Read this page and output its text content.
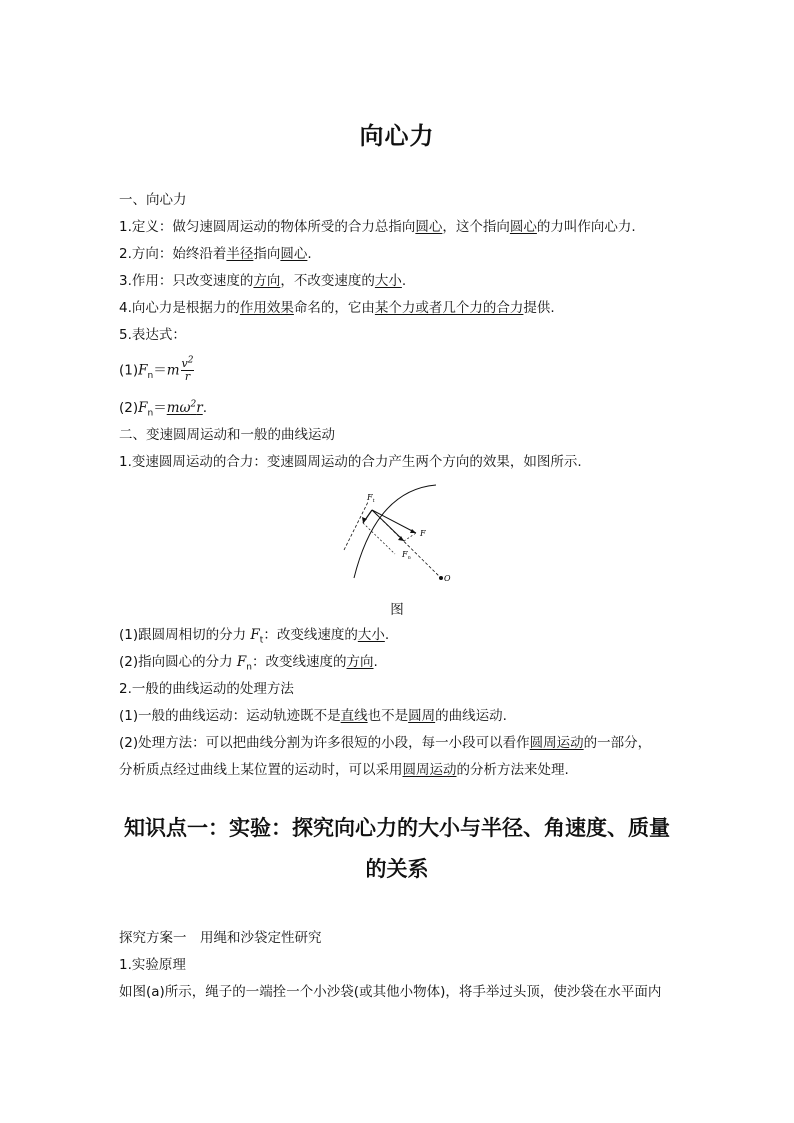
向心力
一、向心力
1.定义：做匀速圆周运动的物体所受的合力总指向圆心，这个指向圆心的力叫作向心力.
2.方向：始终沿着半径指向圆心.
3.作用：只改变速度的方向，不改变速度的大小.
4.向心力是根据力的作用效果命名的，它由某个力或者几个力的合力提供.
5.表达式：
$(1)F_n=m \frac{v^2}{r}$
$(2)F_n=m\omega^2r$.
二、变速圆周运动和一般的曲线运动
1.变速圆周运动的合力：变速圆周运动的合力产生两个方向的效果，如图所示.
$F_t$
F
$F_n$
O
图
(1)跟圆周相切的分力 $F_t$：改变线速度的大小.
(2)指向圆心的分力 $F_n$：改变线速度的方向.
2.一般的曲线运动的处理方法
(1)一般的曲线运动：运动轨迹既不是直线也不是圆周的曲线运动.
(2)处理方法：可以把曲线分割为许多很短的小段，每一小段可以看作圆周运动的一部分，
分析质点经过曲线上某位置的运动时，可以采用圆周运动的分析方法来处理.
知识点一：实验：探究向心力的大小与半径、角速度、质量
的关系
探究方案一　用绳和沙袋定性研究
1.实验原理
如图(a)所示，绳子的一端拴一个小沙袋(或其他小物体)，将手举过头顶，使沙袋在水平面内
